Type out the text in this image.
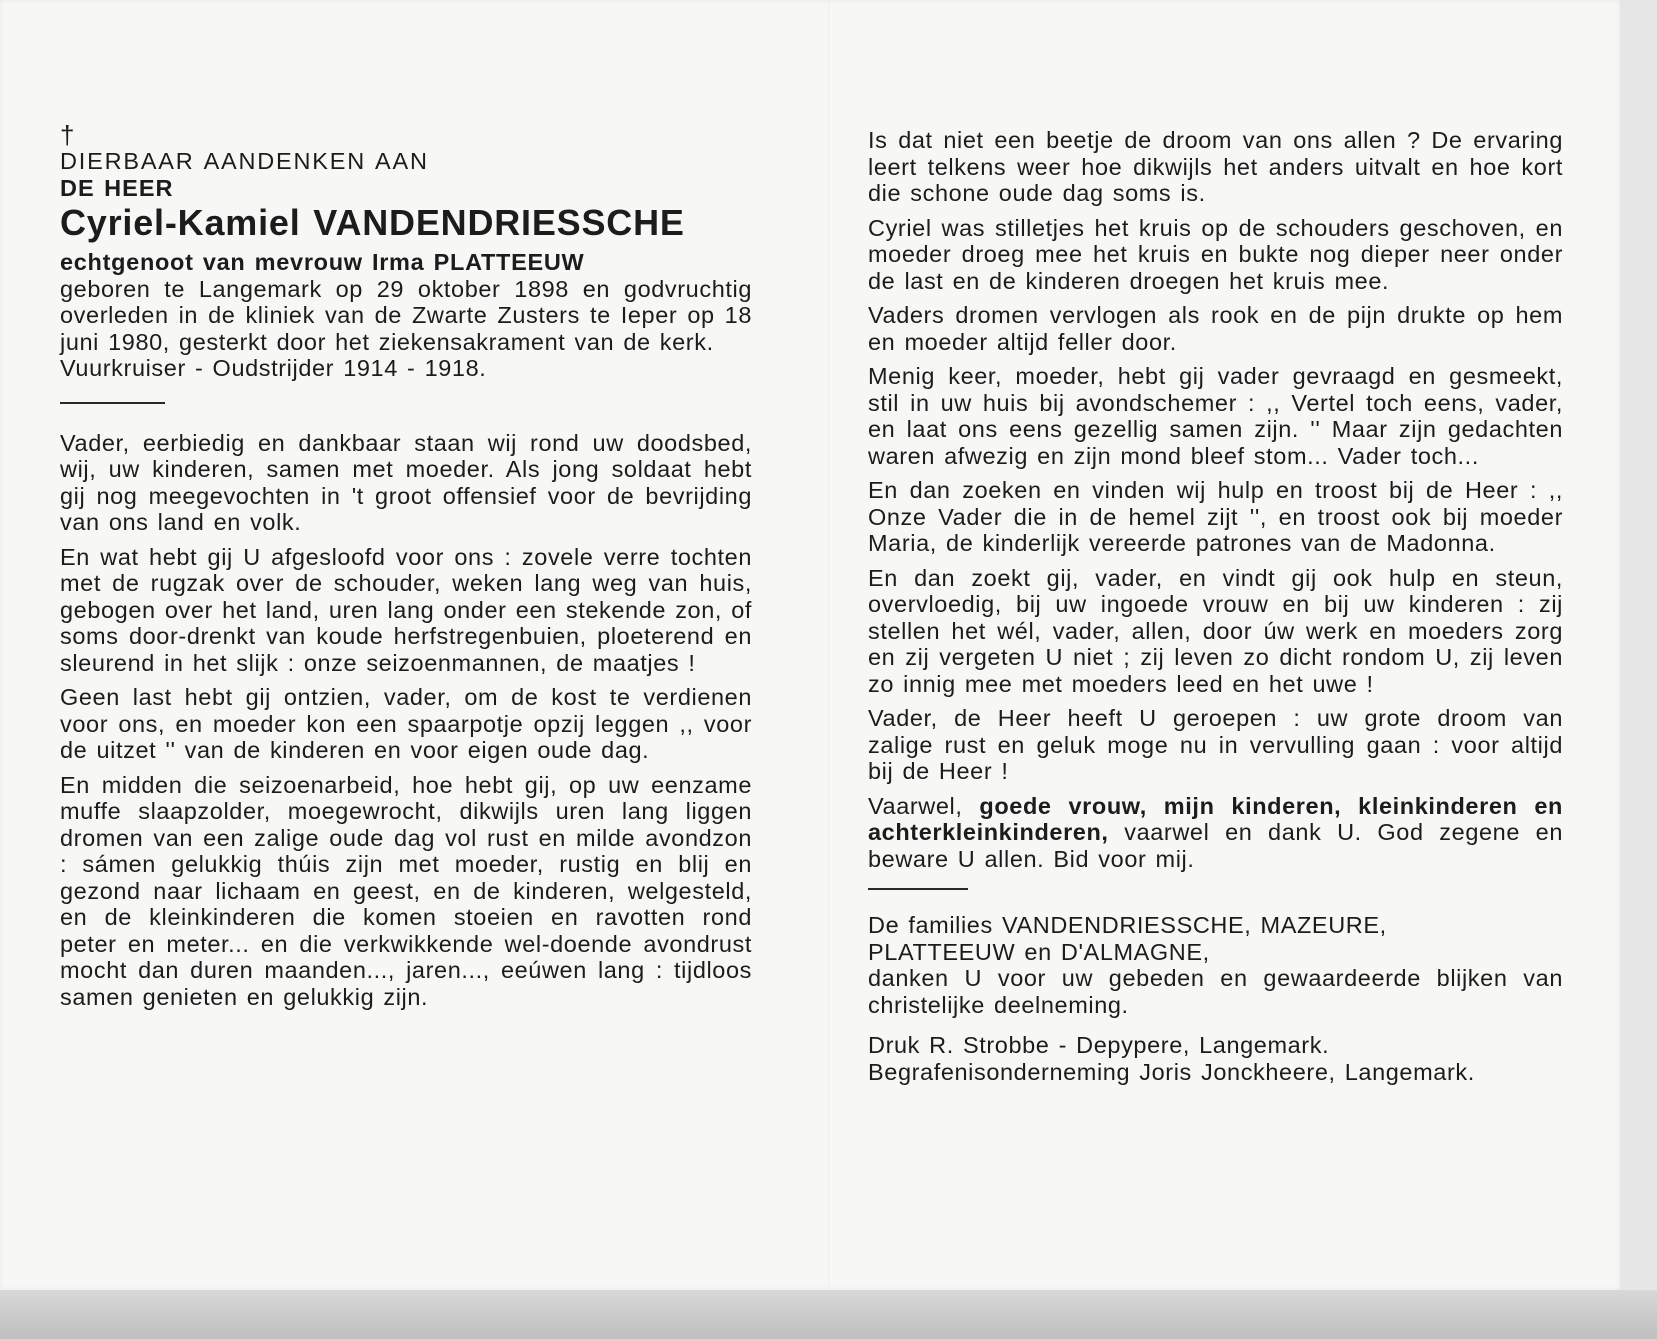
†

DIERBAAR AANDENKEN AAN

DE HEER

Cyriel-Kamiel VANDENDRIESSCHE

echtgenoot van mevrouw Irma PLATTEEUW

geboren te Langemark op 29 oktober 1898 en godvruchtig overleden in de kliniek van de Zwarte Zusters te Ieper op 18 juni 1980, gesterkt door het ziekensakrament van de kerk.

Vuurkruiser - Oudstrijder 1914 - 1918.

Vader, eerbiedig en dankbaar staan wij rond uw doodsbed, wij, uw kinderen, samen met moeder. Als jong soldaat hebt gij nog meegevochten in 't groot offensief voor de bevrijding van ons land en volk.

En wat hebt gij U afgesloofd voor ons : zovele verre tochten met de rugzak over de schouder, weken lang weg van huis, gebogen over het land, uren lang onder een stekende zon, of soms door-drenkt van koude herfstregenbuien, ploeterend en sleurend in het slijk : onze seizoenmannen, de maatjes !

Geen last hebt gij ontzien, vader, om de kost te verdienen voor ons, en moeder kon een spaarpotje opzij leggen ,, voor de uitzet '' van de kinderen en voor eigen oude dag.

En midden die seizoenarbeid, hoe hebt gij, op uw eenzame muffe slaapzolder, moegewrocht, dikwijls uren lang liggen dromen van een zalige oude dag vol rust en milde avondzon : sámen gelukkig thúis zijn met moeder, rustig en blij en gezond naar lichaam en geest, en de kinderen, welgesteld, en de kleinkinderen die komen stoeien en ravotten rond peter en meter... en die verkwikkende wel-doende avondrust mocht dan duren maanden..., jaren..., eeúwen lang : tijdloos samen genieten en gelukkig zijn.

Is dat niet een beetje de droom van ons allen ? De ervaring leert telkens weer hoe dikwijls het anders uitvalt en hoe kort die schone oude dag soms is.

Cyriel was stilletjes het kruis op de schouders geschoven, en moeder droeg mee het kruis en bukte nog dieper neer onder de last en de kinderen droegen het kruis mee.

Vaders dromen vervlogen als rook en de pijn drukte op hem en moeder altijd feller door.

Menig keer, moeder, hebt gij vader gevraagd en gesmeekt, stil in uw huis bij avondschemer : ,, Vertel toch eens, vader, en laat ons eens gezellig samen zijn. '' Maar zijn gedachten waren afwezig en zijn mond bleef stom... Vader toch...

En dan zoeken en vinden wij hulp en troost bij de Heer : ,, Onze Vader die in de hemel zijt '', en troost ook bij moeder Maria, de kinderlijk vereerde patrones van de Madonna.

En dan zoekt gij, vader, en vindt gij ook hulp en steun, overvloedig, bij uw ingoede vrouw en bij uw kinderen : zij stellen het wél, vader, allen, door úw werk en moeders zorg en zij vergeten U niet ; zij leven zo dicht rondom U, zij leven zo innig mee met moeders leed en het uwe !

Vader, de Heer heeft U geroepen : uw grote droom van zalige rust en geluk moge nu in vervulling gaan : voor altijd bij de Heer !

Vaarwel, goede vrouw, mijn kinderen, kleinkinderen en achterkleinkinderen, vaarwel en dank U. God zegene en beware U allen. Bid voor mij.

De families VANDENDRIESSCHE, MAZEURE,

PLATTEEUW en D'ALMAGNE,

danken U voor uw gebeden en gewaardeerde blijken van christelijke deelneming.

Druk R. Strobbe - Depypere, Langemark.

Begrafenisonderneming Joris Jonckheere, Langemark.
